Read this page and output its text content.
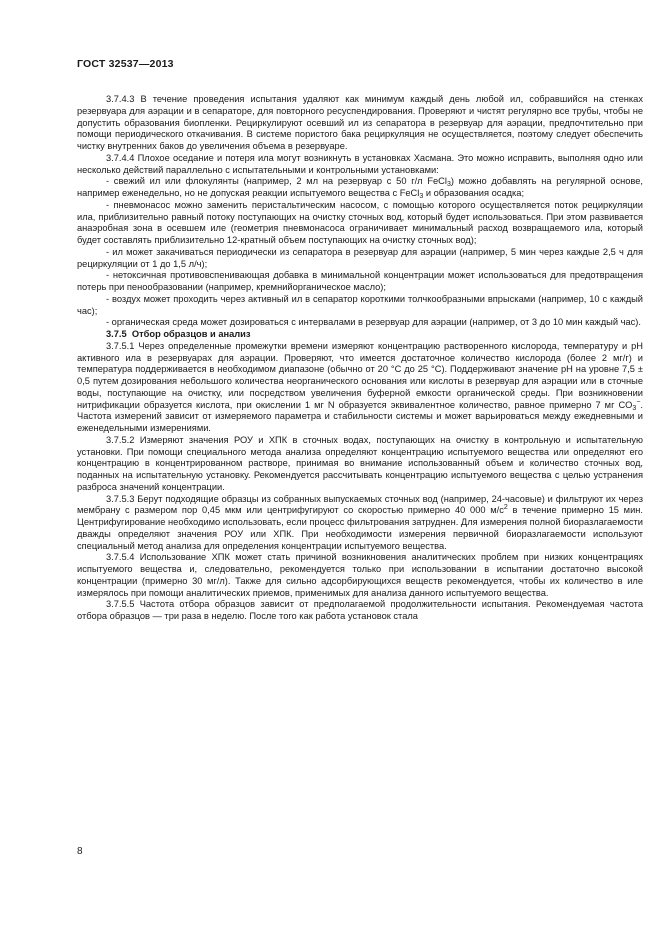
ГОСТ 32537—2013

3.7.4.3 В течение проведения испытания удаляют как минимум каждый день любой ил, собравшийся на стенках резервуара для аэрации и в сепараторе, для повторного ресуспендирования. Проверяют и чистят регулярно все трубы, чтобы не допустить образования биопленки. Рециркулируют осевший ил из сепаратора в резервуар для аэрации, предпочтительно при помощи периодического откачивания. В системе пористого бака рециркуляция не осуществляется, поэтому следует обеспечить чистку внутренних баков до увеличения объема в резервуаре.

3.7.4.4 Плохое оседание и потеря ила могут возникнуть в установках Хасмана. Это можно исправить, выполняя одно или несколько действий параллельно с испытательными и контрольными установками:

- свежий ил или флокулянты (например, 2 мл на резервуар с 50 г/л FeCl$_3$) можно добавлять на регулярной основе, например еженедельно, но не допуская реакции испытуемого вещества с FeCl$_3$ и образования осадка;

- пневмонасос можно заменить перистальтическим насосом, с помощью которого осуществляется поток рециркуляции ила, приблизительно равный потоку поступающих на очистку сточных вод, который будет использоваться. При этом развивается анаэробная зона в осевшем иле (геометрия пневмонасоса ограничивает минимальный расход возвращаемого ила, который будет составлять приблизительно 12-кратный объем поступающих на очистку сточных вод);

- ил может закачиваться периодически из сепаратора в резервуар для аэрации (например, 5 мин через каждые 2,5 ч для рециркуляции от 1 до 1,5 л/ч);

- нетоксичная противовспенивающая добавка в минимальной концентрации может использоваться для предотвращения потерь при пенообразовании (например, кремнийорганическое масло);

- воздух может проходить через активный ил в сепаратор короткими толчкообразными впрысками (например, 10 с каждый час);

- органическая среда может дозироваться с интервалами в резервуар для аэрации (например, от 3 до 10 мин каждый час).

3.7.5 Отбор образцов и анализ

3.7.5.1 Через определенные промежутки времени измеряют концентрацию растворенного кислорода, температуру и pH активного ила в резервуарах для аэрации. Проверяют, что имеется достаточное количество кислорода (более 2 мг/г) и температура поддерживается в необходимом диапазоне (обычно от 20 °С до 25 °С). Поддерживают значение pH на уровне 7,5 ± 0,5 путем дозирования небольшого количества неорганического основания или кислоты в резервуар для аэрации или в сточные воды, поступающие на очистку, или посредством увеличения буферной емкости органической среды. При возникновении нитрификации образуется кислота, при окислении 1 мг N образуется эквивалентное количество, равное примерно 7 мг $CO_3^-$. Частота измерений зависит от измеряемого параметра и стабильности системы и может варьироваться между ежедневными и еженедельными измерениями.

3.7.5.2 Измеряют значения РОУ и ХПК в сточных водах, поступающих на очистку в контрольную и испытательную установки. При помощи специального метода анализа определяют концентрацию испытуемого вещества или определяют его концентрацию в концентрированном растворе, принимая во внимание использованный объем и количество сточных вод, поданных на испытательную установку. Рекомендуется рассчитывать концентрацию испытуемого вещества с целью устранения разброса значений концентрации.

3.7.5.3 Берут подходящие образцы из собранных выпускаемых сточных вод (например, 24-часовые) и фильтруют их через мембрану с размером пор 0,45 мкм или центрифугируют со скоростью примерно 40 000 $м/с^2$ в течение примерно 15 мин. Центрифугирование необходимо использовать, если процесс фильтрования затруднен. Для измерения полной биоразлагаемости дважды определяют значения РОУ или ХПК. При необходимости измерения первичной биоразлагаемости используют специальный метод анализа для определения концентрации испытуемого вещества.

3.7.5.4 Использование ХПК может стать причиной возникновения аналитических проблем при низких концентрациях испытуемого вещества и, следовательно, рекомендуется только при использовании в испытании достаточно высокой концентрации (примерно 30 мг/л). Также для сильно адсорбирующихся веществ рекомендуется, чтобы их количество в иле измерялось при помощи аналитических приемов, применимых для анализа данного испытуемого вещества.

3.7.5.5 Частота отбора образцов зависит от предполагаемой продолжительности испытания. Рекомендуемая частота отбора образцов — три раза в неделю. После того как работа установок стала

8
